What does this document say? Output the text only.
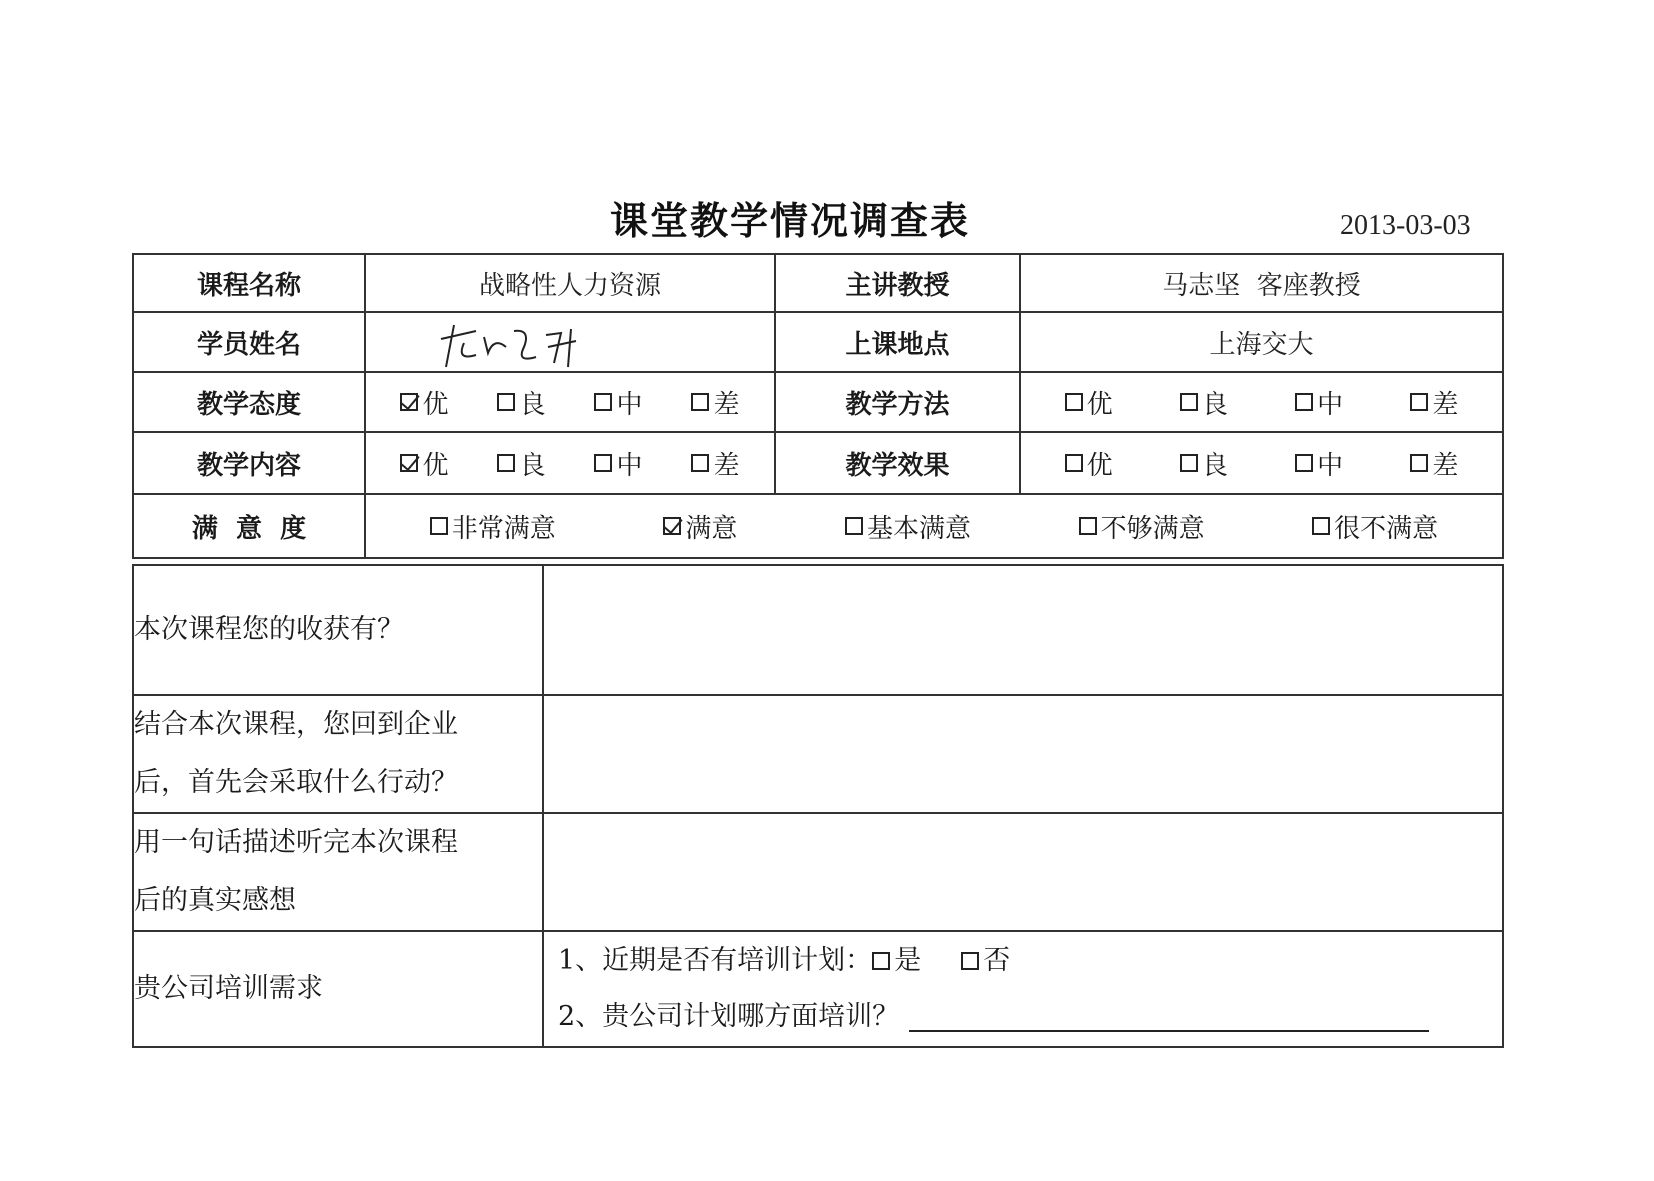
课堂教学情况调查表	2013-03-03
课程名称	战略性人力资源	主讲教授	马志坚  客座教授
学员姓名		上课地点	上海交大
教学态度	优 良 中 差	教学方法	优 良 中 差

教学内容	优 良 中 差	教学效果	优 良 中 差

满  意  度	非常满意 满意 基本满意 不够满意 很不满意		
本次课程您的收获有？	

结合本次课程，您回到企业
后，首先会采取什么行动？	

用一句话描述听完本次课程
后的真实感想	

贵公司培训需求	1、近期是否有培训计划： 是 否
2、贵公司计划哪方面培训？
